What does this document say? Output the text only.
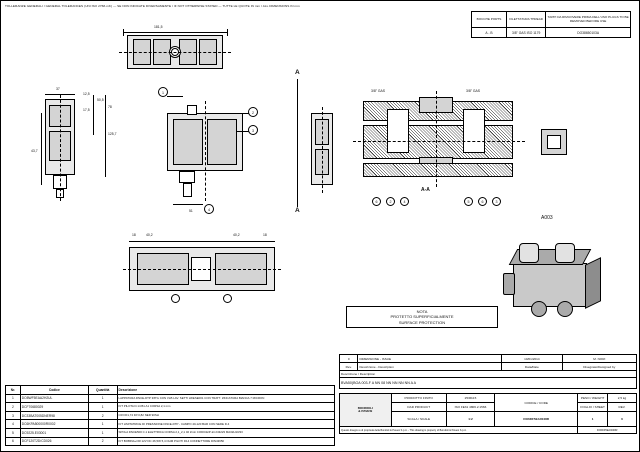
TOLLERANZE GENERALI / GENERAL TOLERANCES (UNI ISO 2768-mK) — SE NON INDICATE DIVERSAMENTE / IF NOT OTHERWISE STATED — TUTTE LE QUOTE IN mm / ALL DIMENSIONS IN mm
181,5
A
A
37
12,5
50,5
17,5
78
125,7
43,7
1
2
3
4
51
3/8" GAS	3/8" GAS
A-A
6	2	4	5	6	3
A003
18	40,2	40,2	18
BOCCHE PORTS	FILETTATURA THREAD	TAPPI DA RIMUOVERE PRIMA DELL'USO PLUGS TO BE REMOVED BEFORE USE
A - B	3/8" GAS ISO 1179	DO38650103A
NOTA
PROTETTO SUPERFICIALMENTE
SURFACE PROTECTION
0	DIMENSIONE - ISSUE	10/01/2014	M. NORI
Rev.	Descrizione - Description	Data/Date	Disegnato/Designed by
Descrizione / Description			
BVA50(BOA 003-F A NN 08 NN NN NN NN A A			
Nr.	Codice	Quantità	Descrizione
1	DO8WF5EAA2H2UL	1	LAPPATURA DNCE-DTP 3/8"G CON VLB LAV. SETTI LWESE001 CON TRATT. ZINCATURA BIANCA 7 MICRON
2	DCF70680029	1	KIT PILOTA D.14 B1 A1 CORSA 2,1 mm
3	DC33BAT005DNER98	2	CR DF1,74 D/f 0,82 NER 90SH
4	DC6KPA500000R0002	1	KIT LIMITATRICE DI PRESSIONE DNCE-DTP - CAMPO 40-120 BAR CON SEDE D.4
5	DC9225.E03001	1	SPOLA DNCE500 C.1 ELETTRICA CORSA 2,1_2,1 40 l/min CODICE/P-kit 243223 MA32H10/33
6	DCF120T2D/CD026	2	KIT BOBINA+OR 12V DC 26,5W 5,4 OHM PILOTI D14 CONNETTORE DIN43650
BONDIOLI
& PAVESI	PRODOTTO FINITO	25/Rb15	CODICE / CODE	PESO / WEIGHT	2,5 kg
	DAD PRODUCT	ISO FE31 4806.2.1566		FOGLIO / SHEET	REV.
	SCALA / SCALE	1:2	DO6DF5EA0048R	1	0
Questo disegno è di proprietà della Bondioli & Pavesi S.p.A. - This drawing is property of Bondioli & Pavesi S.p.A.				DO6DF5EA0048R	
